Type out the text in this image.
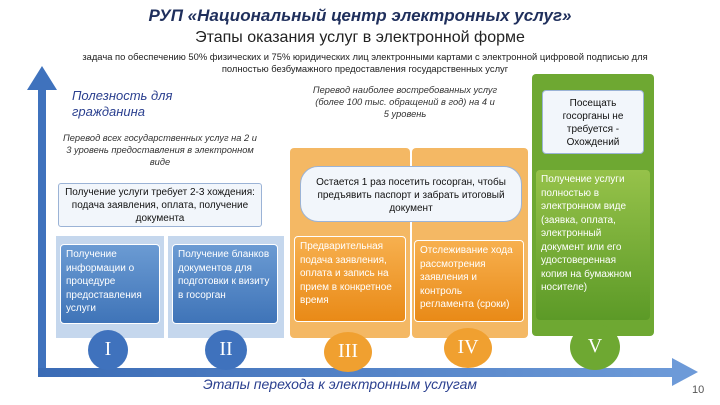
РУП «Национальный центр электронных услуг»
Этапы оказания услуг в электронной форме
задача по обеспечению 50% физических и 75% юридических лиц электронными картами с электронной цифровой подписью для полностью безбумажного предоставления государственных услуг
Полезность для гражданина
Перевод всех государственных услуг на 2 и 3 уровень предоставления в электронном виде
Перевод наиболее востребованных услуг (более 100 тыс. обращений в год) на 4 и 5 уровень
Получение услуги требует 2-3 хождения: подача заявления, оплата, получение документа
Остается 1 раз посетить госорган, чтобы предъявить паспорт и забрать итоговый документ
Посещать госорганы не требуется - Охождений
Получение информации о процедуре предоставления услуги
Получение бланков документов для подготовки к визиту в госорган
Предварительная подача заявления, оплата и запись на прием в конкретное время
Отслеживание хода рассмотрения заявления и контроль регламента (сроки)
Получение услуги полностью в электронном виде (заявка, оплата, электронный документ или его удостоверенная копия на бумажном носителе)
I	II	III	IV	V
Этапы перехода к электронным услугам	10
